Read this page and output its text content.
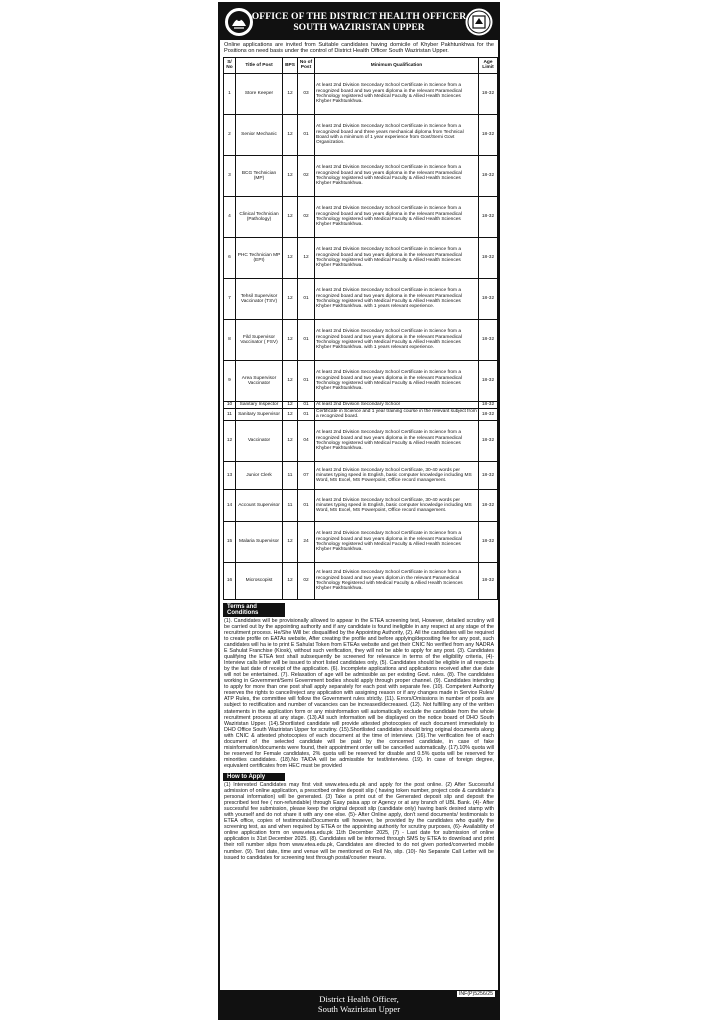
OFFICE OF THE DISTRICT HEALTH OFFICER
SOUTH WAZIRISTAN UPPER
Online applications are invited from Suitable candidates having domicile of Khyber Pakhtunkhwa for the Positions on need basis under the control of District Health Officer South Waziristan Upper.
S/ No	Title of Post	BPS	No of Post	Minimum Qualification	Age Limit
1	Store Keeper	12	03	At least 2nd Division Secondary School Certificate in Science from a recognized board and two years diploma in the relevant Paramedical Technology registered with Medical Faculty & Allied Health Sciences Khyber Pakhtunkhwa.	18-32
2	Senior Mechanic	12	01	At least 2nd Division Secondary School Certificate in Science from a recognized board and three years mechanical diploma from Technical Board with a minimum of 1 year experience from Govt/Semi Govt Organization.	18-32
3	BCG Technician (MP)	12	02	At least 2nd Division Secondary School Certificate in Science from a recognized board and two years diploma in the relevant Paramedical Technology registered with Medical Faculty & Allied Health Sciences Khyber Pakhtunkhwa.	18-32
4	Clinical Technician (Pathology)	12	02	At least 2nd Division Secondary School Certificate in Science from a recognized board and two years diploma in the relevant Paramedical Technology registered with Medical Faculty & Allied Health Sciences Khyber Pakhtunkhwa.	18-32
6	PHC Technician MP (EPI)	12	12	At least 2nd Division Secondary School Certificate in Science from a recognized board and two years diploma in the relevant Paramedical Technology registered with Medical Faculty & Allied Health Sciences Khyber Pakhtunkhwa.	18-32
7	Tehsil Supervisor Vaccinator (TSV)	12	01	At least 2nd Division Secondary School Certificate in Science from a recognized board and two years diploma in the relevant Paramedical Technology registered with Medical Faculty & Allied Health Sciences Khyber Pakhtunkhwa. with 1 years relevant experience.	18-32
8	Fild Supervisor Vaccinator ( FSV)	12	01	At least 2nd Division Secondary School Certificate in Science from a recognized board and two years diploma in the relevant Paramedical Technology registered with Medical Faculty & Allied Health Sciences Khyber Pakhtunkhwa. with 1 years relevant experience.	18-32
9	Area Supervisor Vaccinator	12	01	At least 2nd Division Secondary School Certificate in Science from a recognized board and two years diploma in the relevant Paramedical Technology registered with Medical Faculty & Allied Health Sciences Khyber Pakhtunkhwa.	18-32
10	Sanitary Inspector	12	01	At least 2nd Division Secondary School	18-32
11	Sanitary Supervisor	12	01	Certificate in Science and 1 year training course in the relevant subject from a recognized board.	18-32
12	Vaccinator	12	04	At least 2nd Division Secondary School Certificate in Science from a recognized board and two years diploma in the relevant Paramedical Technology registered with Medical Faculty & Allied Health Sciences Khyber Pakhtunkhwa.	18-32
13	Junior Clerk	11	07	At least 2nd Division Secondary School Certificate, 30-40 words per minutes typing speed in English, basic computer knowledge including MS Word, MS Excel, MS Powerpoint, Office record management.	18-32
14	Account Supervisor	11	01	At least 2nd Division Secondary School Certificate, 30-40 words per minutes typing speed in English, basic computer knowledge including MS Word, MS Excel, MS Powerpoint, Office record management.	18-32
15	Malaria Supervisor	12	24	At least 2nd Division Secondary School Certificate in Science from a recognized board and two years diploma in the relevant Paramedical Technology registered with Medical Faculty & Allied Health Sciences Khyber Pakhtunkhwa.	18-32
16	Microscopist	12	02	At least 2nd Division Secondary School Certificate in Science from a recognized board and two years diplom.in the relevant Paramedical Technology Registered with Medical Faculty & Allied Health Sciences Khyber Pakhtunkhwa.	18-32
Terms and Conditions
(1). Candidates will be provisionally allowed to appear in the ETEA screening test, However, detailed scrutiny will be carried out by the appointing authority and if any candidate is found ineligible in any respect at any stage of the recruitment process. He/She Will be: disqualified by the Appointing Authority, (2). All the candidates will be required to create profile on EATAs website, After creating the profile and before applying/depositing fee for any post, such candidates will ha ie to print E Sahulat Token from ETEAs website and get their CNIC No verified from any NADRA E Sahulat Franchise (Kiosk), without such verification, they will not be able to apply for any post. (3). Candidates qualifying the ETEA test shall subsequently be screened for relevance in terms of the eligibility criteria, (4)- Interview calls letter will be issued to short listed candidates only, (5). Candidates should be eligible in all respects by the last date of receipt of the application. (6). Incomplete applications and applications received after due date will not be entertained. (7). Relaxation of age will be admissible as per existing Govt. rules. (8). The candidates working in Government/Semi Government bodies should apply through proper channel. (9). Candidates intending to apply for more than one post shall apply separately for each post with separate fee. (10). Competent Authority reserves the rights to cancel/reject any application with assigning reason or if any changes made in Service Rules/ ATP Rules, the committee will follow the Government rules strictly. (11). Errors/Omissions in number of posts are subject to rectification and number of vacancies can be increased/decreased. (12). Not fulfilling any of the written statements in the application form or any misinformation will automatically exclude the candidate from the whole recruitment process at any stage. (13).All such information will be displayed on the notice board of DHO South Waziristan Upper. (14).Shortlisted candidate will provide attested photocopies of each document immediately to DHO Office South Waziristan Upper for scrutiny. (15).Shortlisted candidates should bring original documents along with CNIC & attested photocopies of each document at the time of interview. (16).The verification fee of each document of the selected candidate will be paid by the concerned candidate, in case of fake misinformation/documents were found, their appointment order will be cancelled automatically. (17).10% quota will be reserved for Female candidates, 2% quota will be reserved for disable and 0.5% quota will be reserved for minorities candidates. (18).No TA/DA will be admissible for test/interview. (19). In case of foreign degree, equivalent certificates from HEC must be provided
How to Apply
(1) Interested Candidates may first visit www.etea.edu.pk and apply for the post online. (2) After Successful admission of online application, a prescribed online deposit slip ( having token number, project code & candidate's personal information) will be generated. (3) Take a print out of the Generated deposit slip and deposit the prescribed test fee ( non-refundable) through Easy paisa app or Agency or at any branch of UBL Bank. (4)- After successful fee submission, please keep the original deposit slip (candidate only) having bank desired stamp with with yourself and do not share it with any one else. (5)- After Online apply, don't send documents/ testimonials to ETEA office, copies of testimonials/Documents will however, be provided by the candidates who qualify the screening test, as and when required by ETEA or the appointing authority for scrutiny purposes, (6)- Availability of online application form on www.etea.edu.pk 11th December 2025, (7) - Last date for submission of online application is 31st December 2025. (8). Candidates will be informed through SMS by ETEA to download and print their roll number slips from www.etea.edu.pk, Candidates are directed to do not given ported/converted mobile number. (9). Test date, time and venue will be mentioned on Roll No, slip. (10)- No Separate Call Letter will be issued to candidates for screening test through postal/courier means.
District Health Officer,
South Waziristan Upper
INF(P)5256/25
